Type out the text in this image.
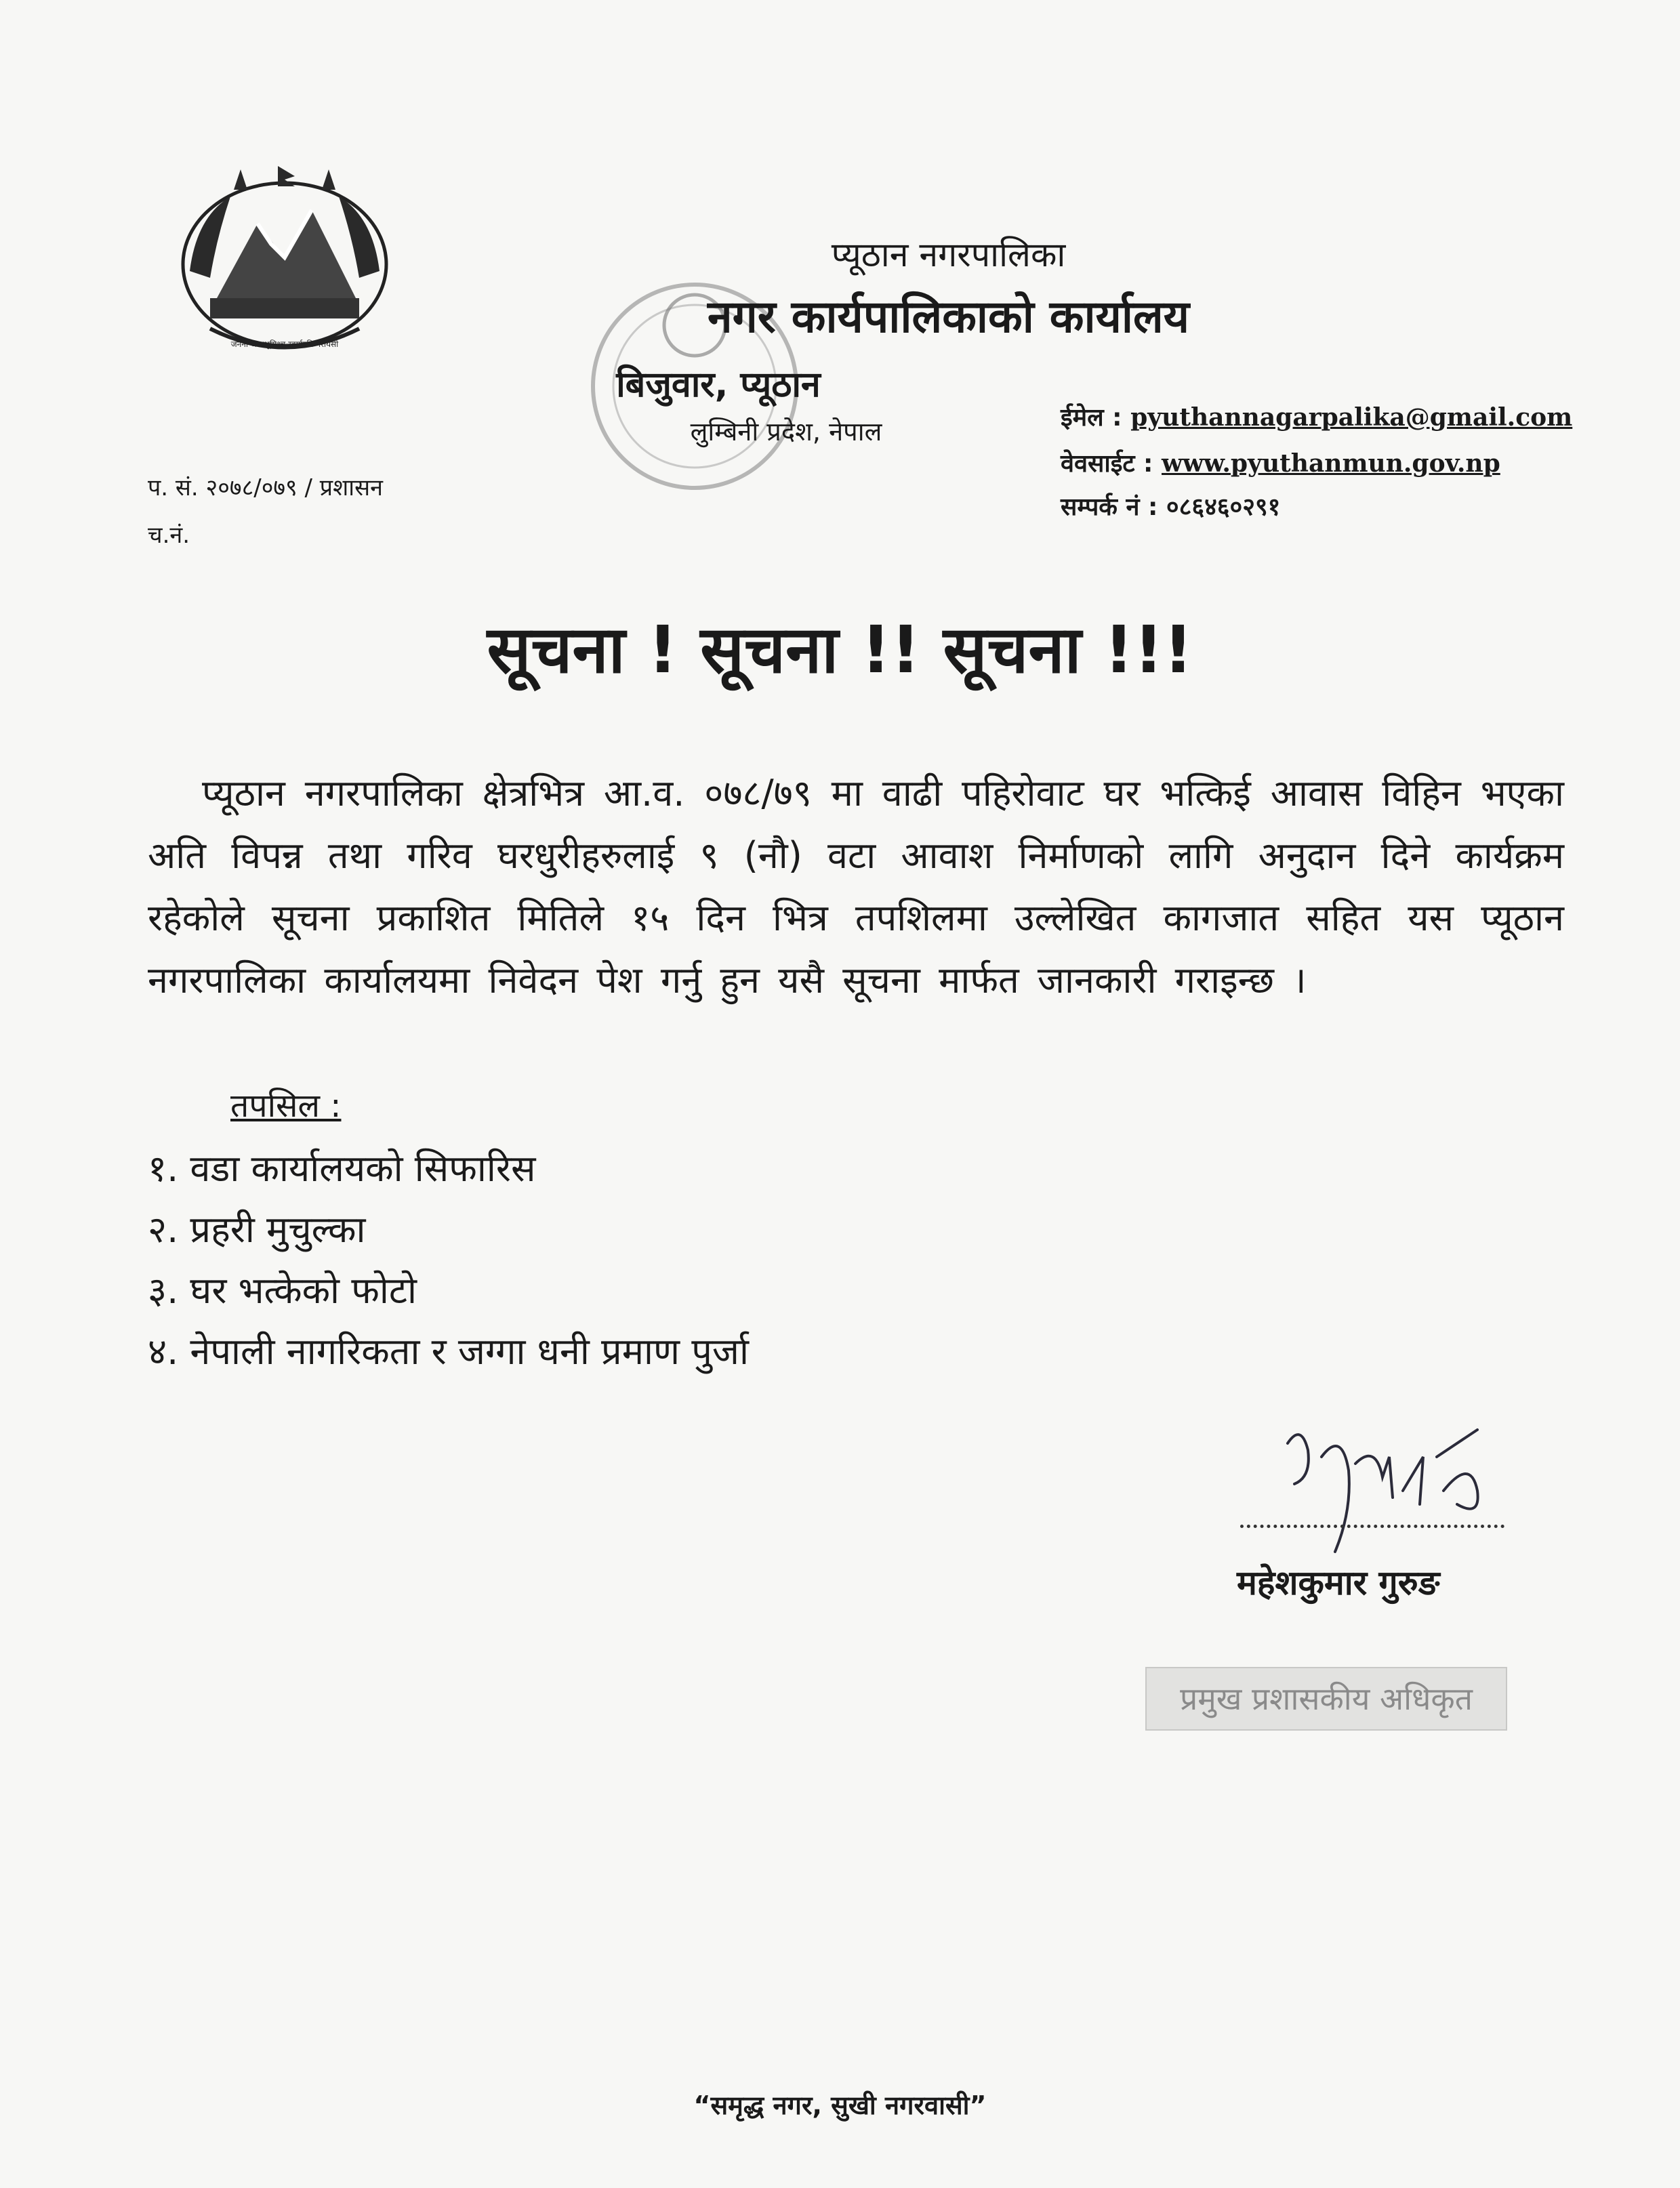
जननी जन्मभूमिश्च स्वर्गादपि गरीयसी
प्यूठान नगरपालिका
नगर कार्यपालिकाको कार्यालय
बिजुवार, प्यूठान
लुम्बिनी प्रदेश, नेपाल	ईमेल : pyuthannagarpalika@gmail.com
वेवसाईट : www.pyuthanmun.gov.np
सम्पर्क नं : ०८६४६०२९१
प. सं. २०७८/०७९ / प्रशासन
च.नं.
सूचना ! सूचना !! सूचना !!!
प्यूठान नगरपालिका क्षेत्रभित्र आ.व. ०७८/७९ मा वाढी पहिरोवाट घर भत्किई आवास विहिन भएका अति विपन्न तथा गरिव घरधुरीहरुलाई ९ (नौ) वटा आवाश निर्माणको लागि अनुदान दिने कार्यक्रम रहेकोले सूचना प्रकाशित मितिले १५ दिन भित्र तपशिलमा उल्लेखित कागजात सहित यस प्यूठान नगरपालिका कार्यालयमा निवेदन पेश गर्नु हुन यसै सूचना मार्फत जानकारी गराइन्छ ।
तपसिल :
१. वडा कार्यालयको सिफारिस
२. प्रहरी मुचुल्का
३. घर भत्केको फोटो
४. नेपाली नागरिकता र जग्गा धनी प्रमाण पुर्जा
महेशकुमार गुरुङ
प्रमुख प्रशासकीय अधिकृत
“समृद्ध नगर, सुखी नगरवासी”
